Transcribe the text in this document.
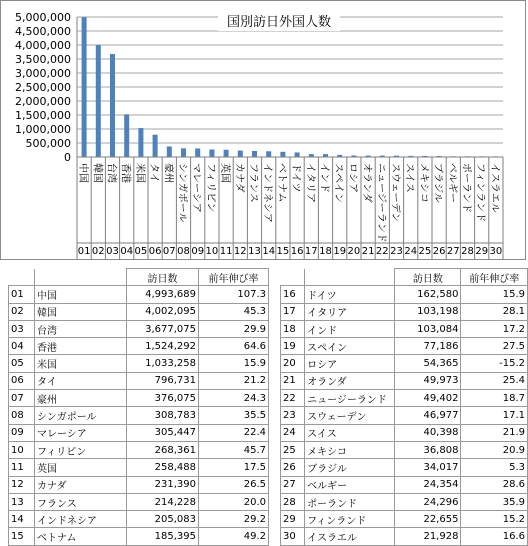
0
500,000
1,000,000
1,500,000
2,000,000
2,500,000
3,000,000
3,500,000
4,000,000
4,500,000
5,000,000
中国 韓国 台湾 香港 米国 タイ 豪州 シンガポール マレーシア フィリピン 英国 カナダ フランス インドネシア ベトナム ドイツ イタリア インド スペイン ロシア オランダ ニュージーランド スウェーデン スイス メキシコ ブラジル ベルギー ポーランド フィンランド イスラエル
01 02 03 04 05 06 07 08 09 10 11 12 13 14 15 16 17 18 19 20 21 22 23 24 25 26 27 28 29 30
国別訪日外国人数
		訪日数	前年伸び率
01	中国	4,993,689	107.3
02	韓国	4,002,095	45.3
03	台湾	3,677,075	29.9
04	香港	1,524,292	64.6
05	米国	1,033,258	15.9
06	タイ	796,731	21.2
07	豪州	376,075	24.3
08	シンガポール	308,783	35.5
09	マレーシア	305,447	22.4
10	フィリピン	268,361	45.7
11	英国	258,488	17.5
12	カナダ	231,390	26.5
13	フランス	214,228	20.0
14	インドネシア	205,083	29.2
15	ベトナム	185,395	49.2
		訪日数	前年伸び率
16	ドイツ	162,580	15.9
17	イタリア	103,198	28.1
18	インド	103,084	17.2
19	スペイン	77,186	27.5
20	ロシア	54,365	-15.2
21	オランダ	49,973	25.4
22	ニュージーランド	49,402	18.7
23	スウェーデン	46,977	17.1
24	スイス	40,398	21.9
25	メキシコ	36,808	20.9
26	ブラジル	34,017	5.3
27	ベルギー	24,354	28.6
28	ポーランド	24,296	35.9
29	フィンランド	22,655	15.2
30	イスラエル	21,928	16.6
